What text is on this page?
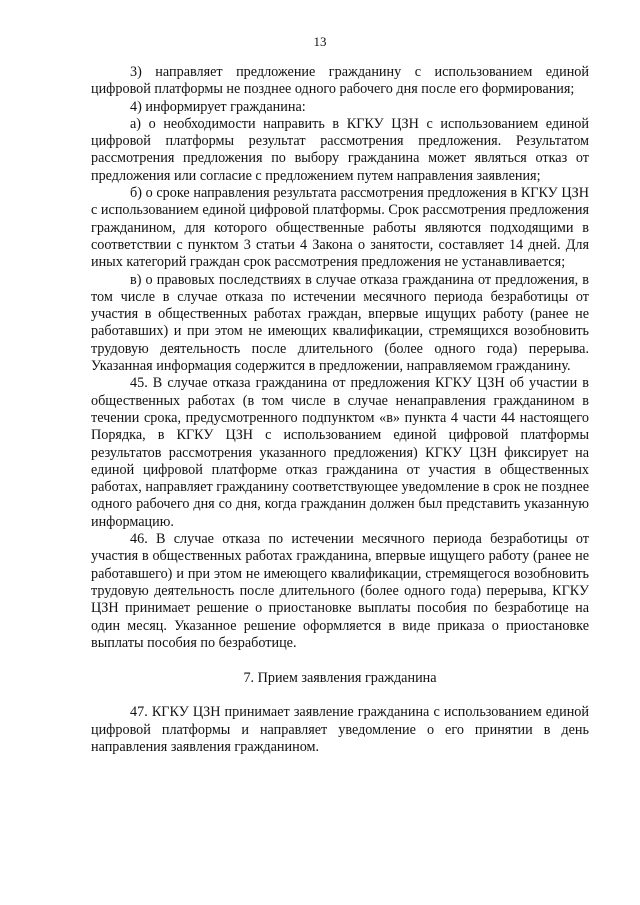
13

3) направляет предложение гражданину с использованием единой цифровой платформы не позднее одного рабочего дня после его формирования;

4) информирует гражданина:

а) о необходимости направить в КГКУ ЦЗН с использованием единой цифровой платформы результат рассмотрения предложения. Результатом рассмотрения предложения по выбору гражданина может являться отказ от предложения или согласие с предложением путем направления заявления;

б) о сроке направления результата рассмотрения предложения в КГКУ ЦЗН с использованием единой цифровой платформы. Срок рассмотрения предложения гражданином, для которого общественные работы являются подходящими в соответствии с пунктом 3 статьи 4 Закона о занятости, составляет 14 дней. Для иных категорий граждан срок рассмотрения предложения не устанавливается;

в) о правовых последствиях в случае отказа гражданина от предложения, в том числе в случае отказа по истечении месячного периода безработицы от участия в общественных работах граждан, впервые ищущих работу (ранее не работавших) и при этом не имеющих квалификации, стремящихся возобновить трудовую деятельность после длительного (более одного года) перерыва. Указанная информация содержится в предложении, направляемом гражданину.

45. В случае отказа гражданина от предложения КГКУ ЦЗН об участии в общественных работах (в том числе в случае ненаправления гражданином в течении срока, предусмотренного подпунктом «в» пункта 4 части 44 настоящего Порядка, в КГКУ ЦЗН с использованием единой цифровой платформы результатов рассмотрения указанного предложения) КГКУ ЦЗН фиксирует на единой цифровой платформе отказ гражданина от участия в общественных работах, направляет гражданину соответствующее уведомление в срок не позднее одного рабочего дня со дня, когда гражданин должен был представить указанную информацию.

46. В случае отказа по истечении месячного периода безработицы от участия в общественных работах гражданина, впервые ищущего работу (ранее не работавшего) и при этом не имеющего квалификации, стремящегося возобновить трудовую деятельность после длительного (более одного года) перерыва, КГКУ ЦЗН принимает решение о приостановке выплаты пособия по безработице на один месяц. Указанное решение оформляется в виде приказа о приостановке выплаты пособия по безработице.

7. Прием заявления гражданина

47. КГКУ ЦЗН принимает заявление гражданина с использованием единой цифровой платформы и направляет уведомление о его принятии в день направления заявления гражданином.
